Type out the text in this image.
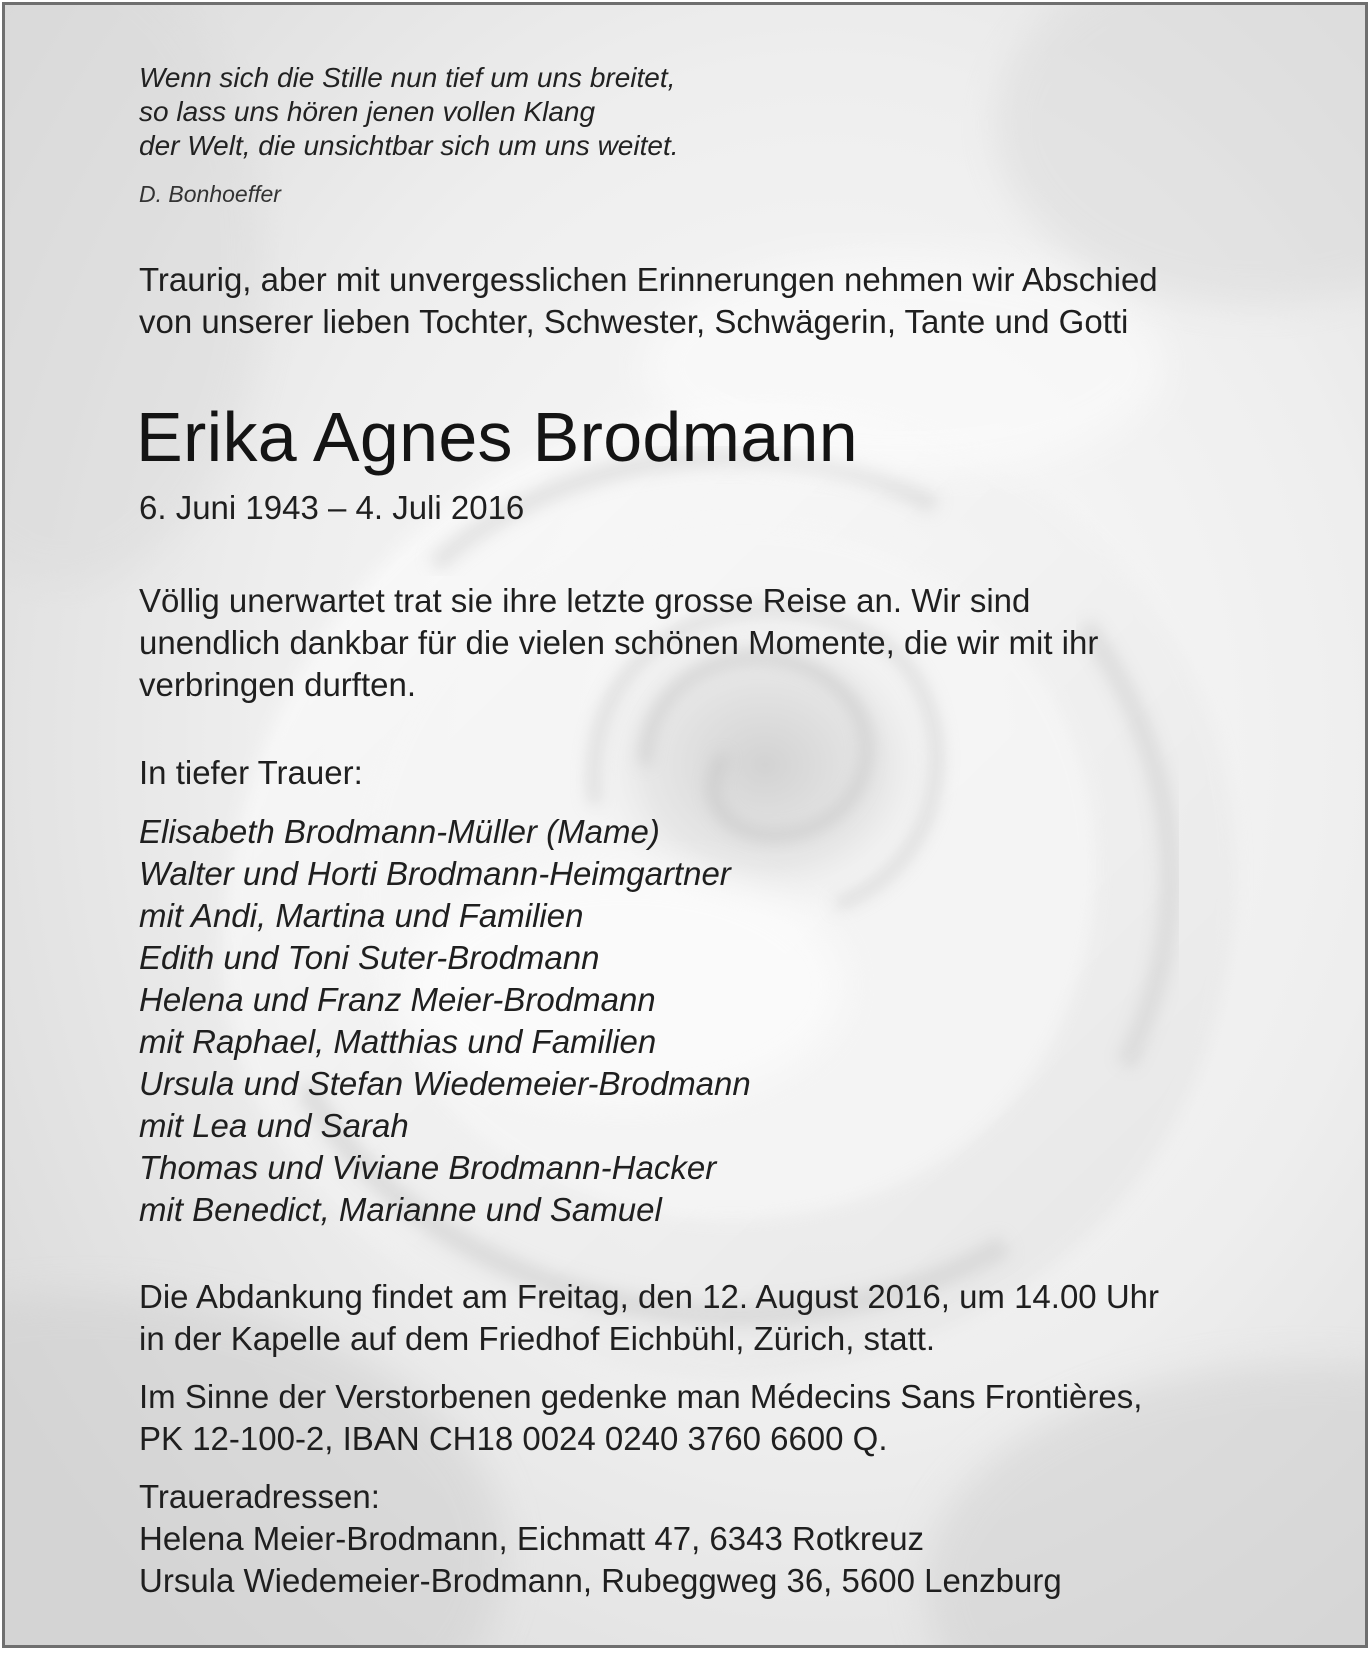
Wenn sich die Stille nun tief um uns breitet,
so lass uns hören jenen vollen Klang
der Welt, die unsichtbar sich um uns weitet.
D. Bonhoeffer
Traurig, aber mit unvergesslichen Erinnerungen nehmen wir Abschied
von unserer lieben Tochter, Schwester, Schwägerin, Tante und Gotti
Erika Agnes Brodmann
6. Juni 1943 – 4. Juli 2016
Völlig unerwartet trat sie ihre letzte grosse Reise an. Wir sind
unendlich dankbar für die vielen schönen Momente, die wir mit ihr
verbringen durften.
In tiefer Trauer:
Elisabeth Brodmann-Müller (Mame)
Walter und Horti Brodmann-Heimgartner
mit Andi, Martina und Familien
Edith und Toni Suter-Brodmann
Helena und Franz Meier-Brodmann
mit Raphael, Matthias und Familien
Ursula und Stefan Wiedemeier-Brodmann
mit Lea und Sarah
Thomas und Viviane Brodmann-Hacker
mit Benedict, Marianne und Samuel
Die Abdankung findet am Freitag, den 12. August 2016, um 14.00 Uhr
in der Kapelle auf dem Friedhof Eichbühl, Zürich, statt.
Im Sinne der Verstorbenen gedenke man Médecins Sans Frontières,
PK 12-100-2, IBAN CH18 0024 0240 3760 6600 Q.
Traueradressen:
Helena Meier-Brodmann, Eichmatt 47, 6343 Rotkreuz
Ursula Wiedemeier-Brodmann, Rubeggweg 36, 5600 Lenzburg
